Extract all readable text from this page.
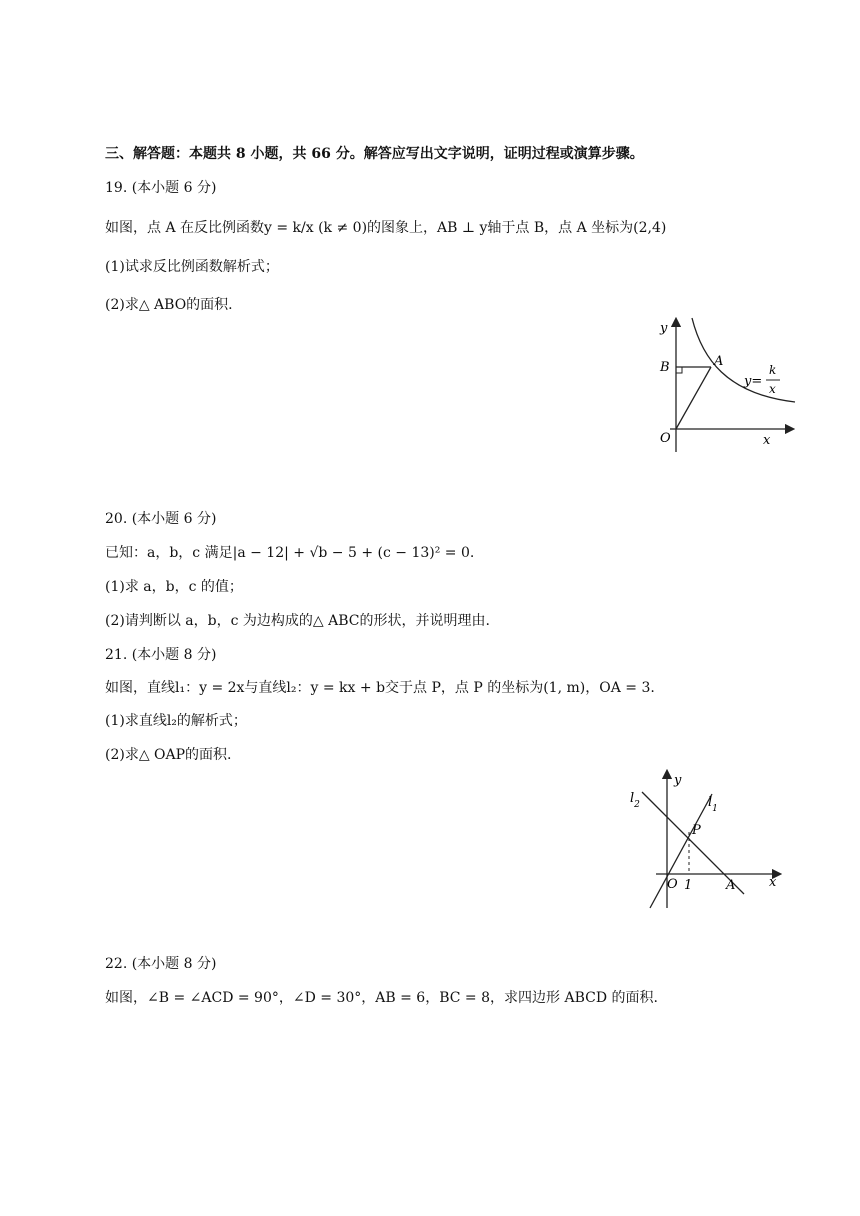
三、解答题：本题共 8 小题，共 66 分。解答应写出文字说明，证明过程或演算步骤。
19. (本小题 6 分)
如图，点 A 在反比例函数y = k/x (k ≠ 0)的图象上，AB ⊥ y轴于点 B，点 A 坐标为(2,4)
(1)试求反比例函数解析式；
(2)求△ ABO的面积.
y
B	A
y=
k
x
O	x
20. (本小题 6 分)
已知：a，b，c 满足|a − 12| + √b − 5 + (c − 13)² = 0.
(1)求 a，b，c 的值；
(2)请判断以 a，b，c 为边构成的△ ABC的形状，并说明理由.
21. (本小题 8 分)
如图，直线l₁：y = 2x与直线l₂：y = kx + b交于点 P，点 P 的坐标为(1, m)，OA = 3.
(1)求直线l₂的解析式；
(2)求△ OAP的面积.
y
$l_2$	$l_1$
P
O 1	A	x
22. (本小题 8 分)
如图，∠B = ∠ACD = 90°，∠D = 30°，AB = 6，BC = 8，求四边形 ABCD 的面积.
